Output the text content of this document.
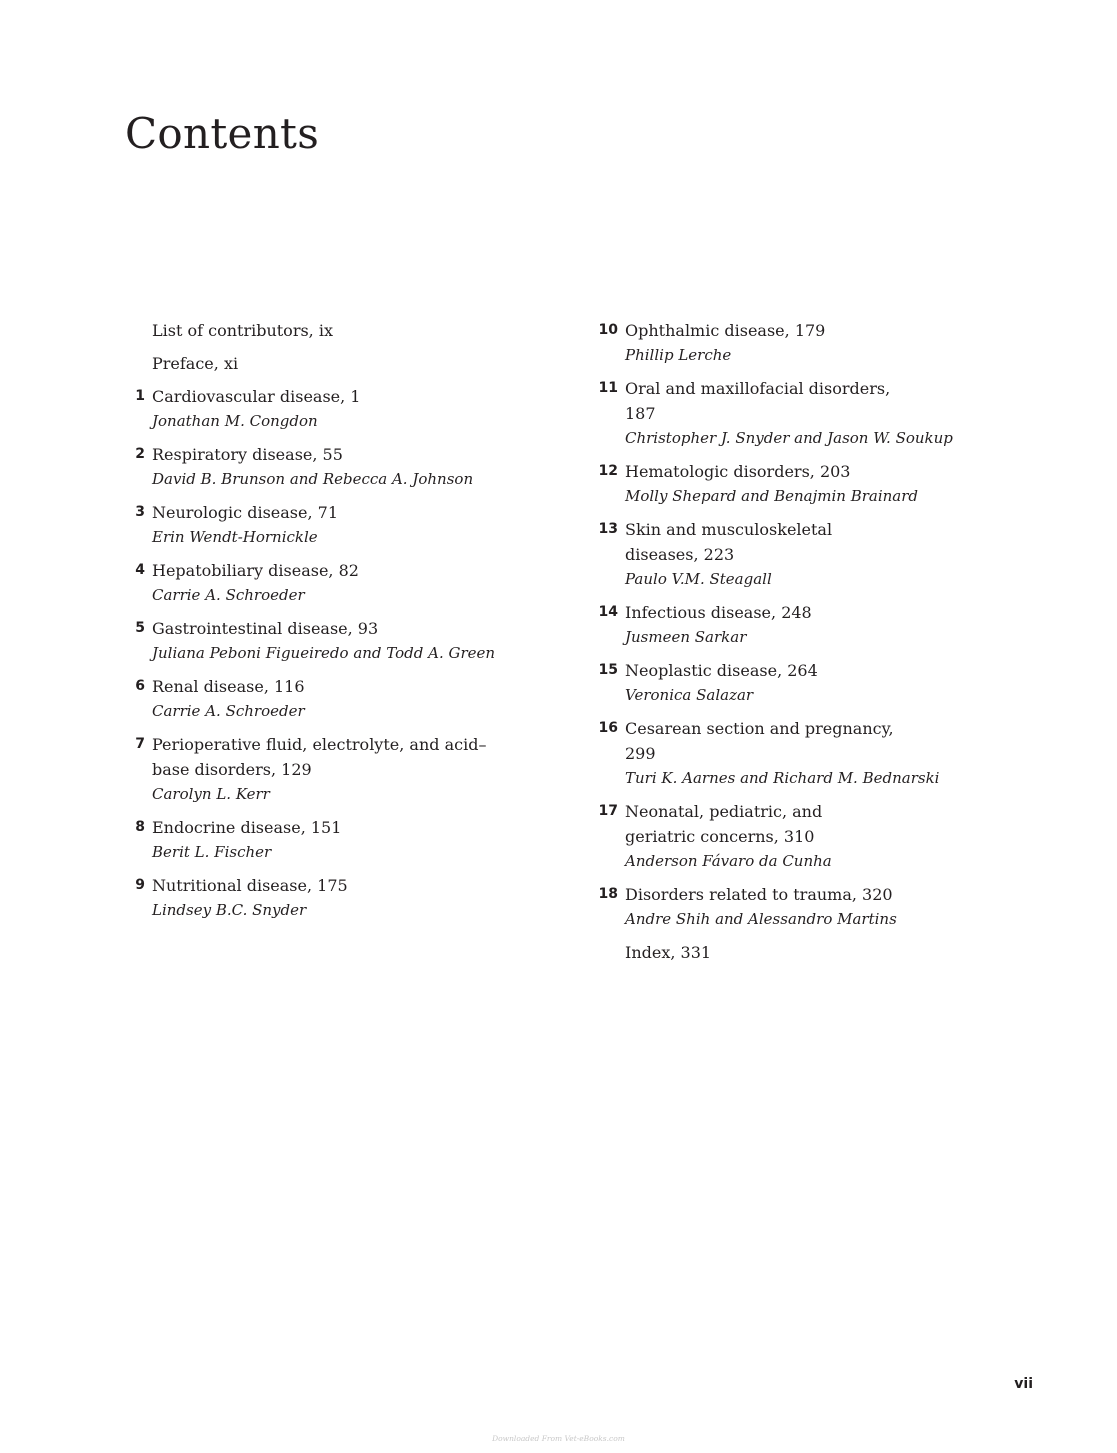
Contents
List of contributors, ix
Preface, xi
1 Cardiovascular disease, 1
Jonathan M. Congdon
2 Respiratory disease, 55
David B. Brunson and Rebecca A. Johnson
3 Neurologic disease, 71
Erin Wendt-Hornickle
4 Hepatobiliary disease, 82
Carrie A. Schroeder
5 Gastrointestinal disease, 93
Juliana Peboni Figueiredo and Todd A. Green
6 Renal disease, 116
Carrie A. Schroeder
7 Perioperative fluid, electrolyte, and acid–base disorders, 129
Carolyn L. Kerr
8 Endocrine disease, 151
Berit L. Fischer
9 Nutritional disease, 175
Lindsey B.C. Snyder
10 Ophthalmic disease, 179
Phillip Lerche
11 Oral and maxillofacial disorders, 187
Christopher J. Snyder and Jason W. Soukup
12 Hematologic disorders, 203
Molly Shepard and Benajmin Brainard
13 Skin and musculoskeletal diseases, 223
Paulo V.M. Steagall
14 Infectious disease, 248
Jusmeen Sarkar
15 Neoplastic disease, 264
Veronica Salazar
16 Cesarean section and pregnancy, 299
Turi K. Aarnes and Richard M. Bednarski
17 Neonatal, pediatric, and geriatric concerns, 310
Anderson Fávaro da Cunha
18 Disorders related to trauma, 320
Andre Shih and Alessandro Martins
Index, 331
vii
Downloaded From Vet-eBooks.com
